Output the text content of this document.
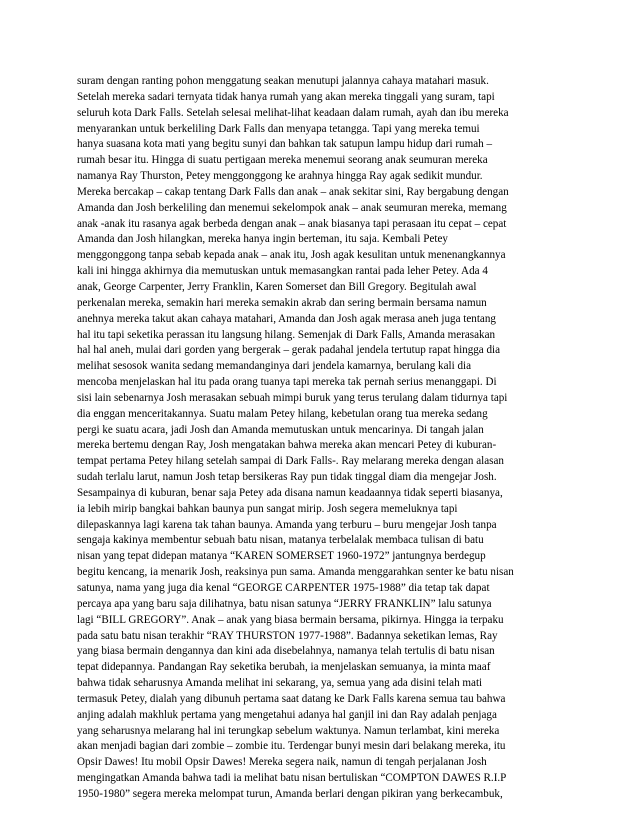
suram dengan ranting pohon menggatung seakan menutupi jalannya cahaya matahari masuk.
Setelah mereka sadari ternyata tidak hanya rumah yang akan mereka tinggali yang suram, tapi
seluruh kota Dark Falls. Setelah selesai melihat-lihat keadaan dalam rumah, ayah dan ibu mereka
menyarankan untuk berkeliling Dark Falls dan menyapa tetangga. Tapi yang mereka temui
hanya suasana kota mati yang begitu sunyi dan bahkan tak satupun lampu hidup dari rumah –
rumah besar itu. Hingga di suatu pertigaan mereka menemui seorang anak seumuran mereka
namanya Ray Thurston, Petey menggonggong ke arahnya hingga Ray agak sedikit mundur.
Mereka bercakap – cakap tentang Dark Falls dan anak – anak sekitar sini, Ray bergabung dengan
Amanda dan Josh berkeliling dan menemui sekelompok anak – anak seumuran mereka, memang
anak -anak itu rasanya agak berbeda dengan anak – anak biasanya tapi perasaan itu cepat – cepat
Amanda dan Josh hilangkan, mereka hanya ingin berteman, itu saja. Kembali Petey
menggonggong tanpa sebab kepada anak – anak itu, Josh agak kesulitan untuk menenangkannya
kali ini hingga akhirnya dia memutuskan untuk memasangkan rantai pada leher Petey. Ada 4
anak, George Carpenter, Jerry Franklin, Karen Somerset dan Bill Gregory. Begitulah awal
perkenalan mereka, semakin hari mereka semakin akrab dan sering bermain bersama namun
anehnya mereka takut akan cahaya matahari, Amanda dan Josh agak merasa aneh juga tentang
hal itu tapi seketika perassan itu langsung hilang. Semenjak di Dark Falls, Amanda merasakan
hal hal aneh, mulai dari gorden yang bergerak – gerak padahal jendela tertutup rapat hingga dia
melihat sesosok wanita sedang memandanginya dari jendela kamarnya, berulang kali dia
mencoba menjelaskan hal itu pada orang tuanya tapi mereka tak pernah serius menanggapi. Di
sisi lain sebenarnya Josh merasakan sebuah mimpi buruk yang terus terulang dalam tidurnya tapi
dia enggan menceritakannya. Suatu malam Petey hilang, kebetulan orang tua mereka sedang
pergi ke suatu acara, jadi Josh dan Amanda memutuskan untuk mencarinya. Di tangah jalan
mereka bertemu dengan Ray, Josh mengatakan bahwa mereka akan mencari Petey di kuburan-
tempat pertama Petey hilang setelah sampai di Dark Falls-. Ray melarang mereka dengan alasan
sudah terlalu larut, namun Josh tetap bersikeras Ray pun tidak tinggal diam dia mengejar Josh.
Sesampainya di kuburan, benar saja Petey ada disana namun keadaannya tidak seperti biasanya,
ia lebih mirip bangkai bahkan baunya pun sangat mirip. Josh segera memeluknya tapi
dilepaskannya lagi karena tak tahan baunya. Amanda yang terburu – buru mengejar Josh tanpa
sengaja kakinya membentur sebuah batu nisan, matanya terbelalak membaca tulisan di batu
nisan yang tepat didepan matanya “KAREN SOMERSET 1960-1972” jantungnya berdegup
begitu kencang, ia menarik Josh, reaksinya pun sama. Amanda menggarahkan senter ke batu nisan
satunya, nama yang juga dia kenal “GEORGE CARPENTER 1975-1988” dia tetap tak dapat
percaya apa yang baru saja dilihatnya, batu nisan satunya “JERRY FRANKLIN” lalu satunya
lagi “BILL GREGORY”. Anak – anak yang biasa bermain bersama, pikirnya. Hingga ia terpaku
pada satu batu nisan terakhir “RAY THURSTON 1977-1988”. Badannya seketikan lemas, Ray
yang biasa bermain dengannya dan kini ada disebelahnya, namanya telah tertulis di batu nisan
tepat didepannya. Pandangan Ray seketika berubah, ia menjelaskan semuanya, ia minta maaf
bahwa tidak seharusnya Amanda melihat ini sekarang, ya, semua yang ada disini telah mati
termasuk Petey, dialah yang dibunuh pertama saat datang ke Dark Falls karena semua tau bahwa
anjing adalah makhluk pertama yang mengetahui adanya hal ganjil ini dan Ray adalah penjaga
yang seharusnya melarang hal ini terungkap sebelum waktunya. Namun terlambat, kini mereka
akan menjadi bagian dari zombie – zombie itu. Terdengar bunyi mesin dari belakang mereka, itu
Opsir Dawes! Itu mobil Opsir Dawes! Mereka segera naik, namun di tengah perjalanan Josh
mengingatkan Amanda bahwa tadi ia melihat batu nisan bertuliskan “COMPTON DAWES R.I.P
1950-1980” segera mereka melompat turun, Amanda berlari dengan pikiran yang berkecambuk,
